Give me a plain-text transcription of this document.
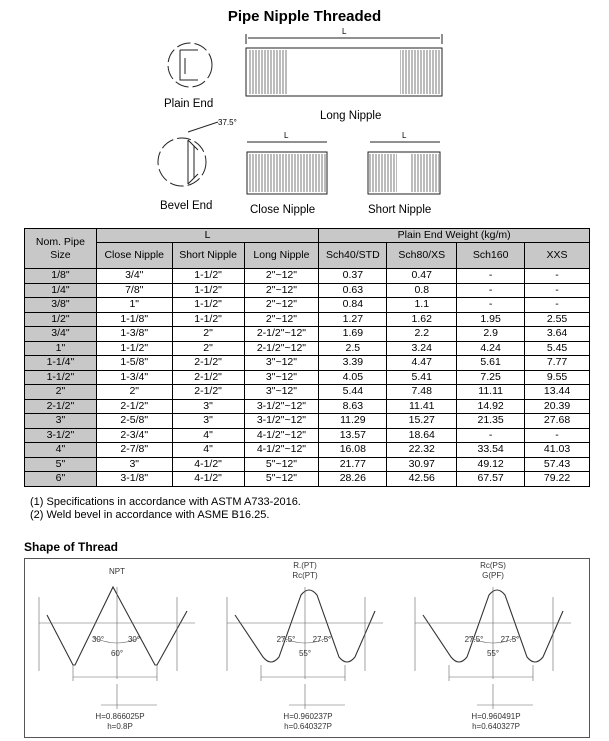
Pipe Nipple Threaded
Plain End
Bevel End
Long Nipple
Close Nipple	Short Nipple
L
L	L
37.5°
Nom. Pipe Size	L			Plain End Weight (kg/m)			
	Close Nipple	Short Nipple	Long Nipple	Sch40/STD	Sch80/XS	Sch160	XXS
1/8"	3/4"	1-1/2"	2"~12"	0.37	0.47	-	-
1/4"	7/8"	1-1/2"	2"~12"	0.63	0.8	-	-
3/8"	1"	1-1/2"	2"~12"	0.84	1.1	-	-
1/2"	1-1/8"	1-1/2"	2"~12"	1.27	1.62	1.95	2.55
3/4"	1-3/8"	2"	2-1/2"~12"	1.69	2.2	2.9	3.64
1"	1-1/2"	2"	2-1/2"~12"	2.5	3.24	4.24	5.45
1-1/4"	1-5/8"	2-1/2"	3"~12"	3.39	4.47	5.61	7.77
1-1/2"	1-3/4"	2-1/2"	3"~12"	4.05	5.41	7.25	9.55
2"	2"	2-1/2"	3"~12"	5.44	7.48	11.11	13.44
2-1/2"	2-1/2"	3"	3-1/2"~12"	8.63	11.41	14.92	20.39
3"	2-5/8"	3"	3-1/2"~12"	11.29	15.27	21.35	27.68
3-1/2"	2-3/4"	4"	4-1/2"~12"	13.57	18.64	-	-
4"	2-7/8"	4"	4-1/2"~12"	16.08	22.32	33.54	41.03
5"	3"	4-1/2"	5"~12"	21.77	30.97	49.12	57.43
6"	3-1/8"	4-1/2"	5"~12"	28.26	42.56	67.57	79.22
(1) Specifications in accordance with ASTM A733-2016.
(2) Weld bevel in accordance with ASME B16.25.
Shape of Thread
NPT
30°	30°
60°
H=0.866025P
h=0.8P
R.(PT)
Rc(PT)
27.5°	27.5°
55°
H=0.960237P
h=0.640327P
Rc(PS)
G(PF)
27.5°	27.5°
55°
H=0.960491P
h=0.640327P
